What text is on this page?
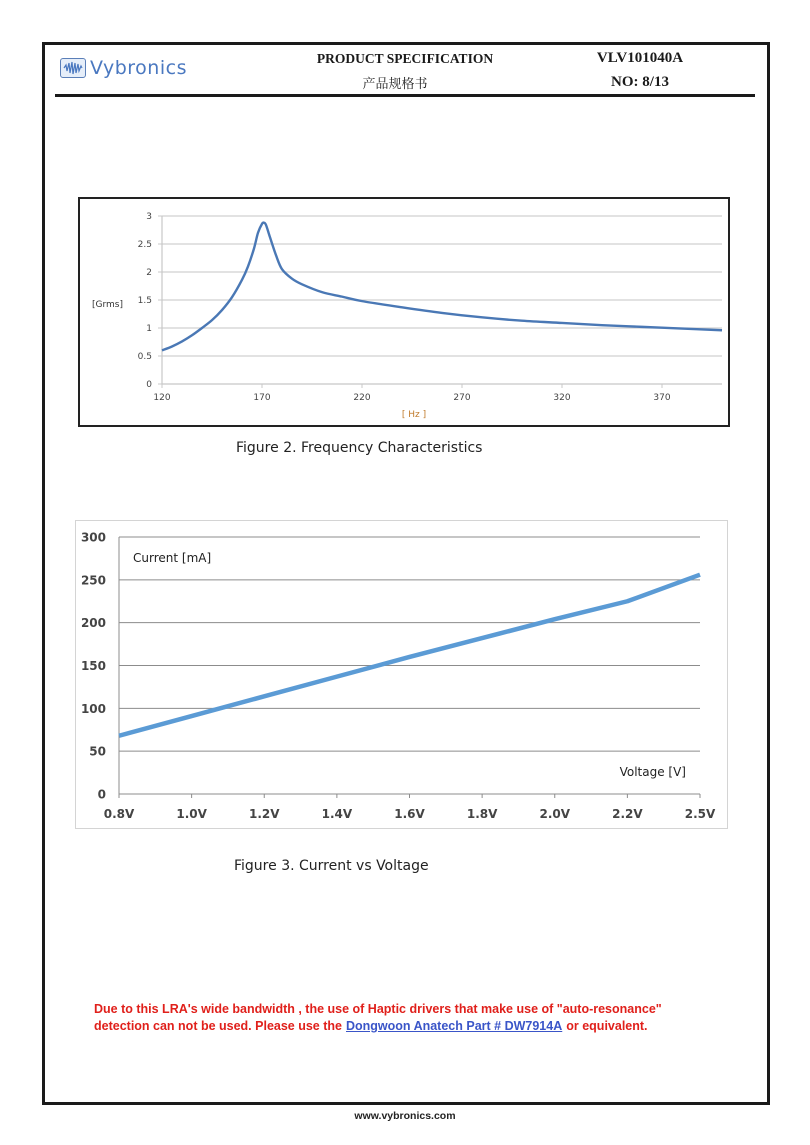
Vybronics	PRODUCT SPECIFICATION
产品规格书
VLV101040A
NO: 8/13
0
0.5
1
1.5
2
2.5
3
120	170	220	270	320	370
[Grms]
[ Hz ]
Figure 2. Frequency Characteristics
0
50
100
150
200
250
300
0.8V	1.0V	1.2V	1.4V	1.6V	1.8V	2.0V	2.2V	2.5V
Current [mA]
Voltage [V]
Figure 3. Current vs Voltage
Due to this LRA's wide bandwidth , the use of Haptic drivers that make use of "auto-resonance"
detection can not be used. Please use the Dongwoon Anatech Part # DW7914A or equivalent.
www.vybronics.com
